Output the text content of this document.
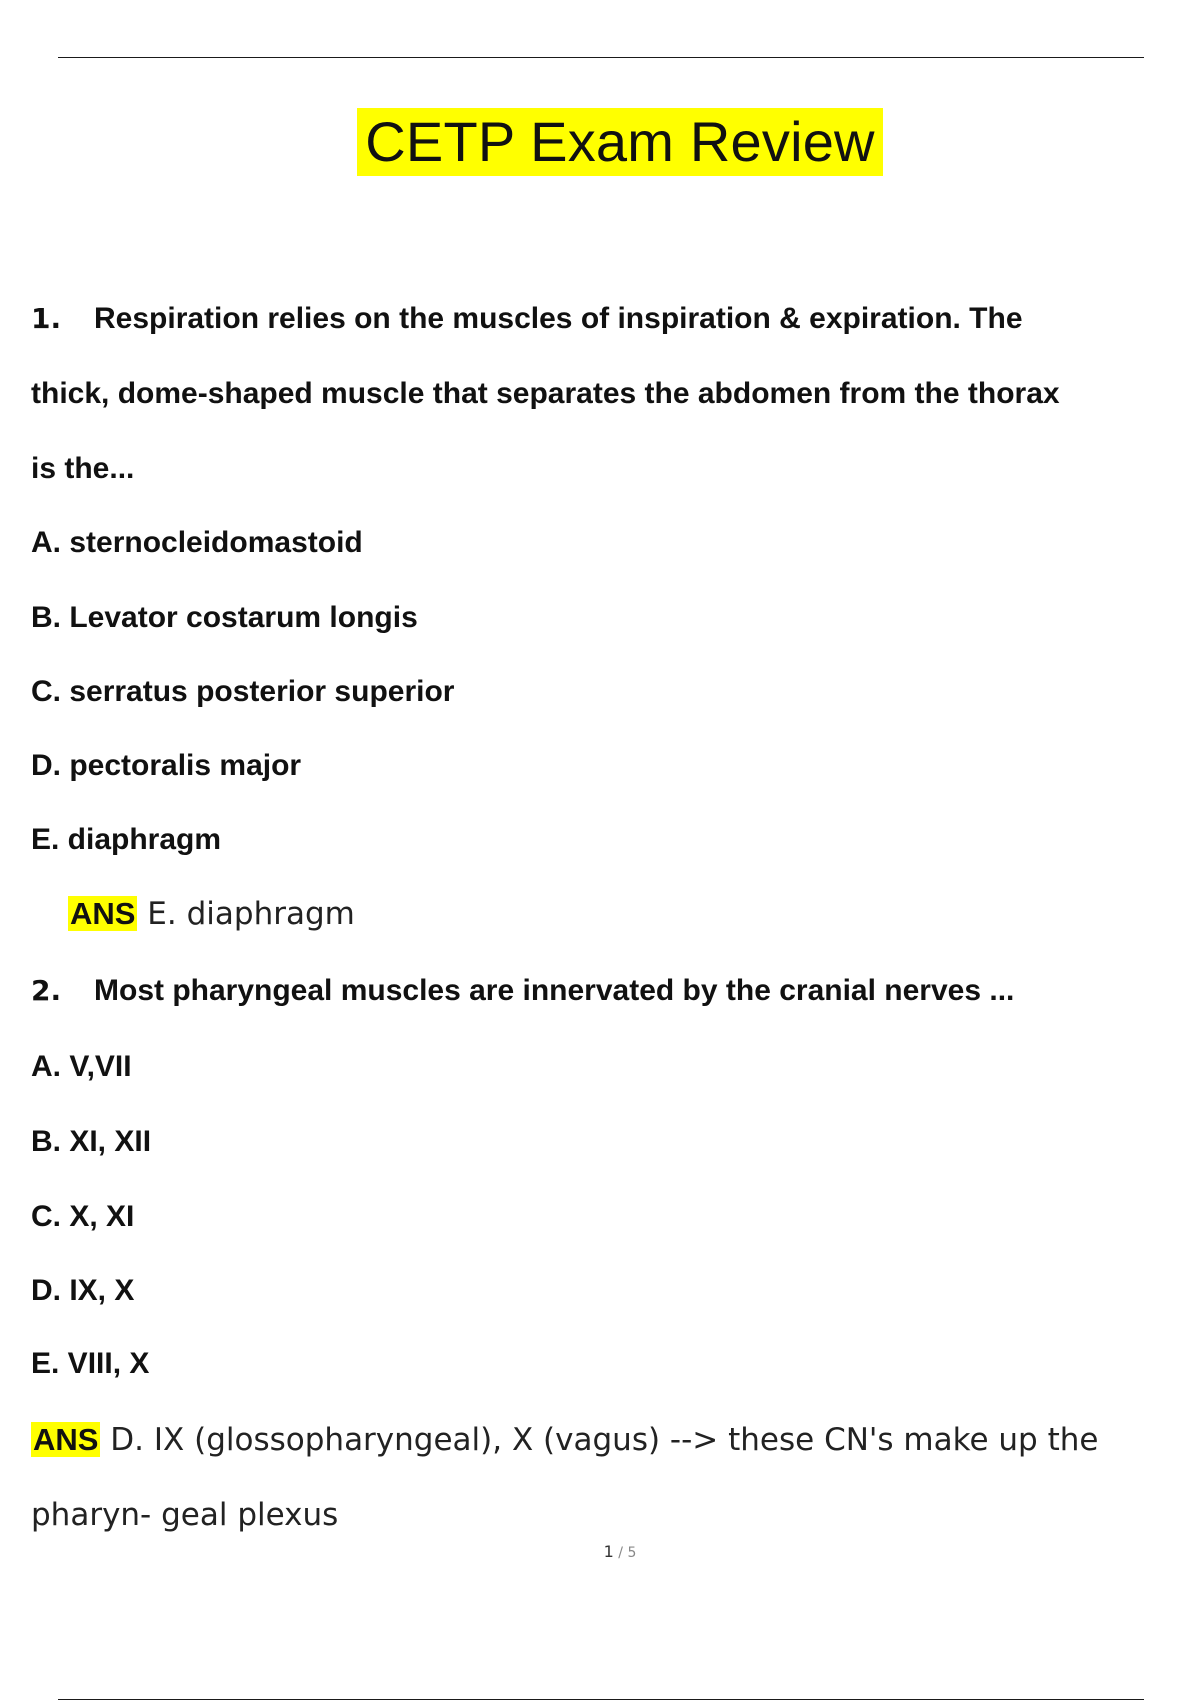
CETP Exam Review
1. Respiration relies on the muscles of inspiration & expiration. The
thick, dome-shaped muscle that separates the abdomen from the thorax
is the...
A. sternocleidomastoid
B. Levator costarum longis
C. serratus posterior superior
D. pectoralis major
E. diaphragm
ANS E. diaphragm
2. Most pharyngeal muscles are innervated by the cranial nerves ...
A. V,VII
B. XI, XII
C. X, XI
D. IX, X
E. VIII, X
ANS D. IX (glossopharyngeal), X (vagus) --> these CN's make up the
pharyn- geal plexus
1 / 5
